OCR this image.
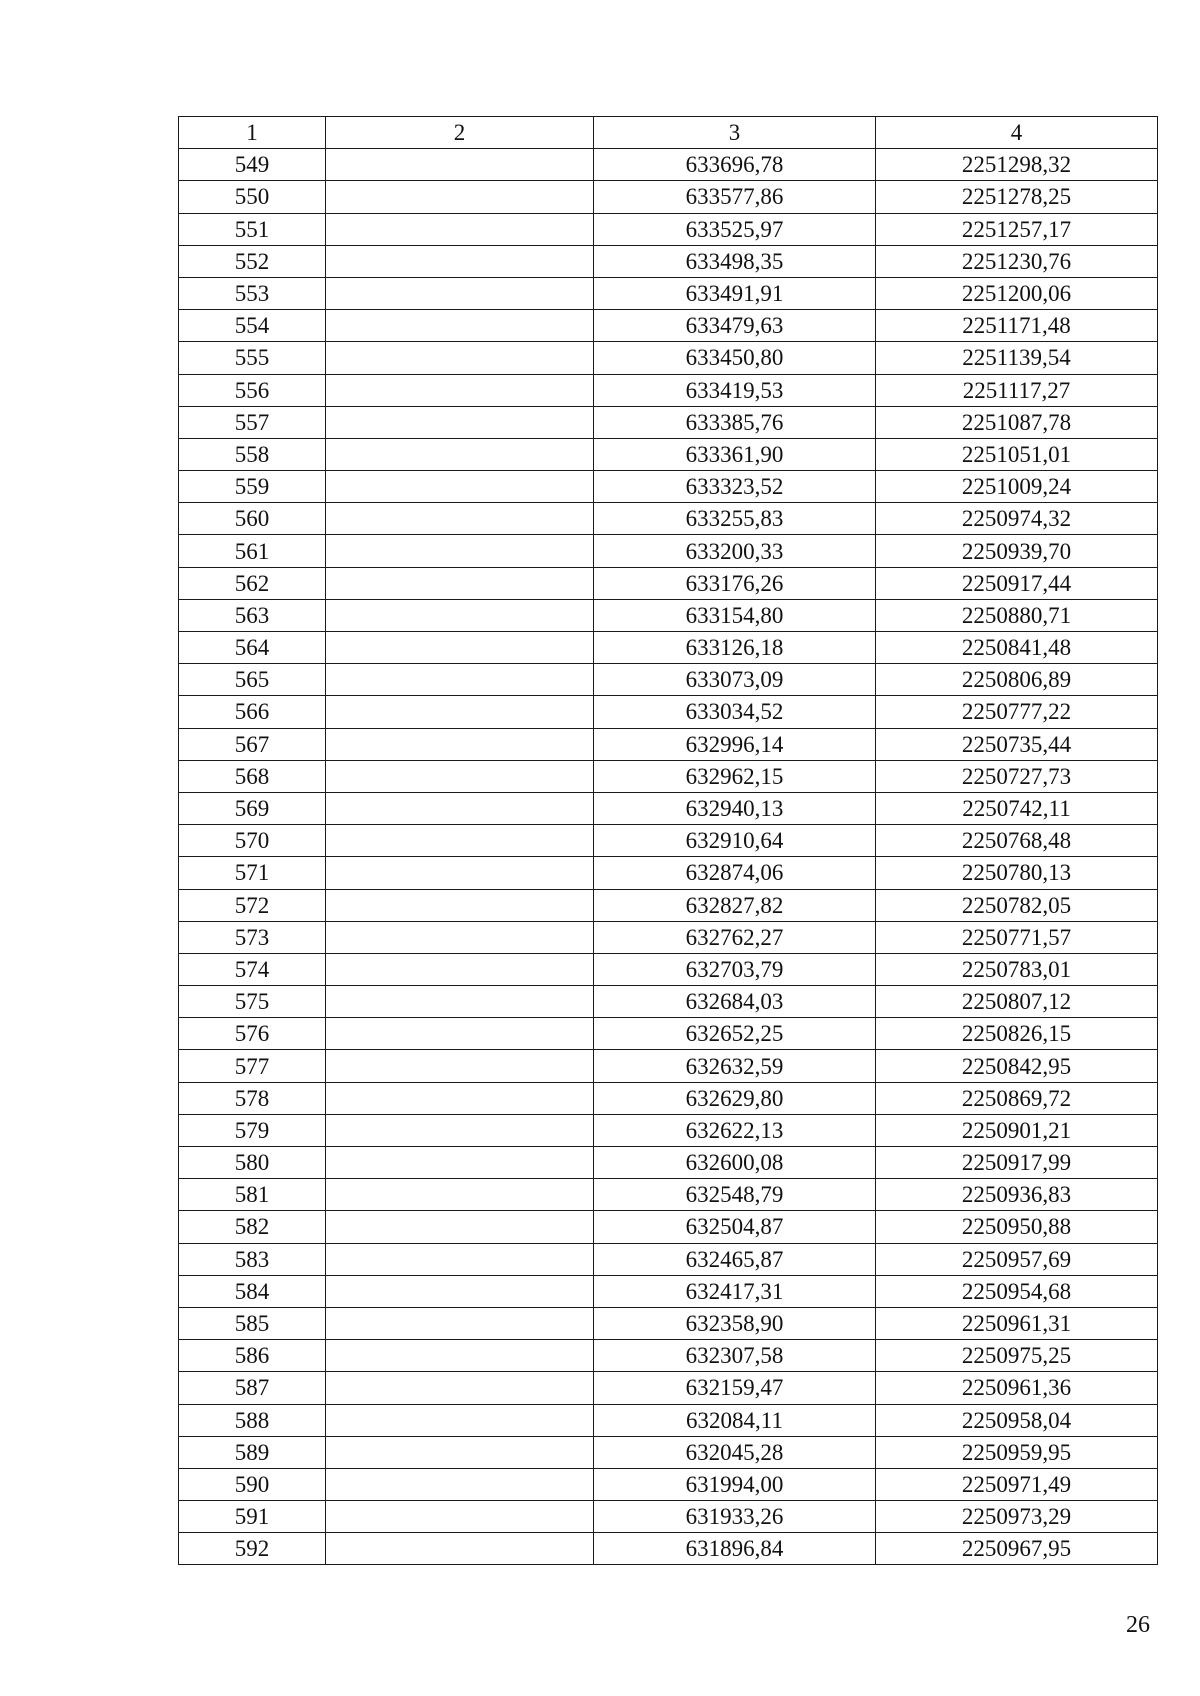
1	2	3	4
549		633696,78	2251298,32
550		633577,86	2251278,25
551		633525,97	2251257,17
552		633498,35	2251230,76
553		633491,91	2251200,06
554		633479,63	2251171,48
555		633450,80	2251139,54
556		633419,53	2251117,27
557		633385,76	2251087,78
558		633361,90	2251051,01
559		633323,52	2251009,24
560		633255,83	2250974,32
561		633200,33	2250939,70
562		633176,26	2250917,44
563		633154,80	2250880,71
564		633126,18	2250841,48
565		633073,09	2250806,89
566		633034,52	2250777,22
567		632996,14	2250735,44
568		632962,15	2250727,73
569		632940,13	2250742,11
570		632910,64	2250768,48
571		632874,06	2250780,13
572		632827,82	2250782,05
573		632762,27	2250771,57
574		632703,79	2250783,01
575		632684,03	2250807,12
576		632652,25	2250826,15
577		632632,59	2250842,95
578		632629,80	2250869,72
579		632622,13	2250901,21
580		632600,08	2250917,99
581		632548,79	2250936,83
582		632504,87	2250950,88
583		632465,87	2250957,69
584		632417,31	2250954,68
585		632358,90	2250961,31
586		632307,58	2250975,25
587		632159,47	2250961,36
588		632084,11	2250958,04
589		632045,28	2250959,95
590		631994,00	2250971,49
591		631933,26	2250973,29
592		631896,84	2250967,95
26
